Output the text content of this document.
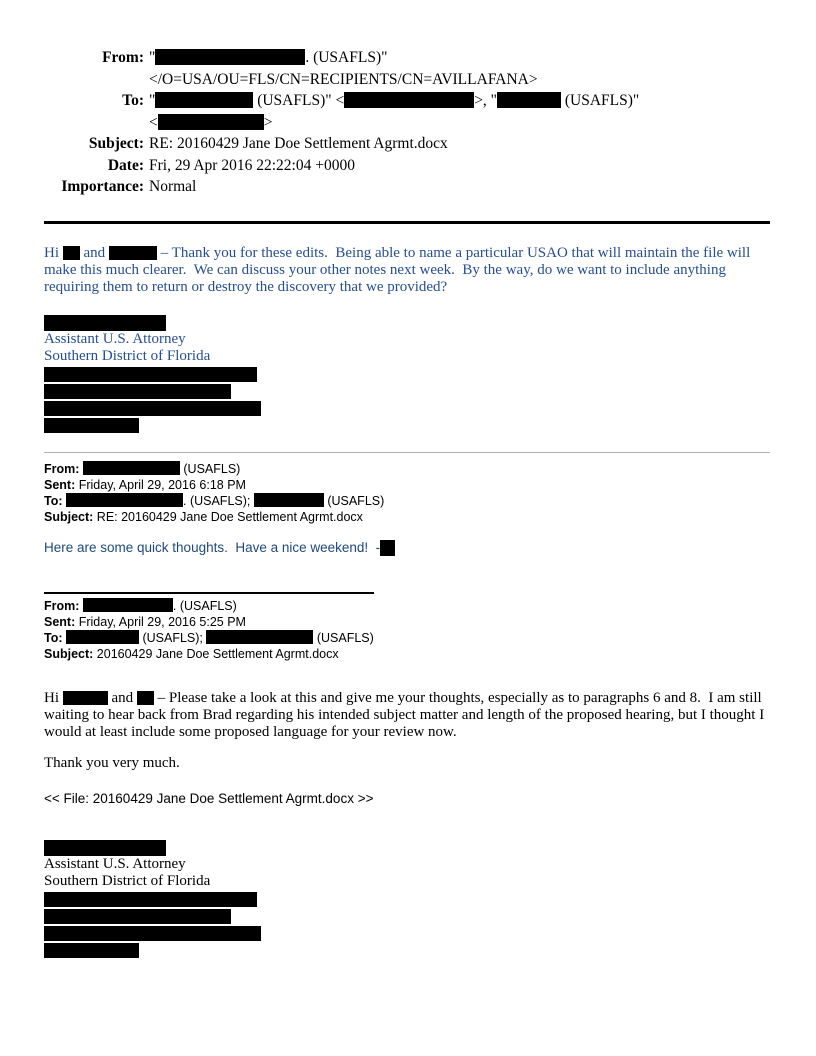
From: "	. (USAFLS)"
</O=USA/OU=FLS/CN=RECIPIENTS/CN=AVILLAFANA>
To: "	(USAFLS)" <	>, "	(USAFLS)"
<	>
Subject: RE: 20160429 Jane Doe Settlement Agrmt.docx
Date: Fri, 29 Apr 2016 22:22:04 +0000
Importance: Normal
Hi  and	– Thank you for these edits.  Being able to name a particular USAO that will maintain the file will make this much clearer.  We can discuss your other notes next week.  By the way, do we want to include anything requiring them to return or destroy the discovery that we provided?
Assistant U.S. Attorney
Southern District of Florida
From:	(USAFLS)
Sent: Friday, April 29, 2016 6:18 PM
To:	. (USAFLS);	(USAFLS)
Subject: RE: 20160429 Jane Doe Settlement Agrmt.docx
Here are some quick thoughts.  Have a nice weekend!  -
From:	. (USAFLS)
Sent: Friday, April 29, 2016 5:25 PM
To:	(USAFLS);	(USAFLS)
Subject: 20160429 Jane Doe Settlement Agrmt.docx
Hi	and  – Please take a look at this and give me your thoughts, especially as to paragraphs 6 and 8.  I am still waiting to hear back from Brad regarding his intended subject matter and length of the proposed hearing, but I thought I would at least include some proposed language for your review now.
Thank you very much.
<< File: 20160429 Jane Doe Settlement Agrmt.docx >>
Assistant U.S. Attorney
Southern District of Florida
